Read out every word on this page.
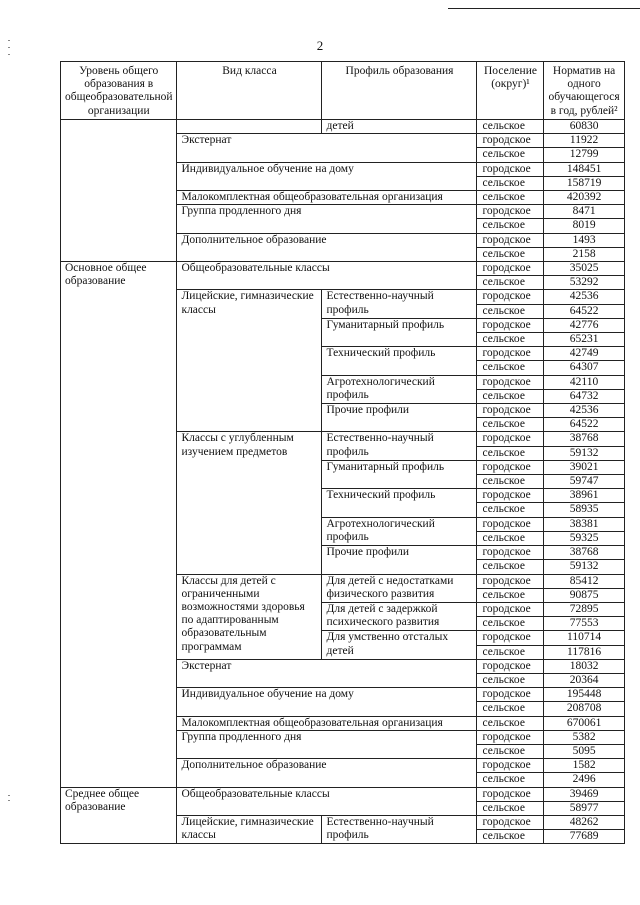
2
Уровень общего образования в общеобразовательной организации	Вид класса	Профиль образования	Поселение (округ)¹	Норматив на одного обучающегося в год, рублей²
		детей	сельское	60830
	Экстернат		городское	11922
			сельское	12799
	Индивидуальное обучение на дому		городское	148451
			сельское	158719
	Малокомплектная общеобразовательная организация		сельское	420392
	Группа продленного дня		городское	8471
			сельское	8019
	Дополнительное образование		городское	1493
			сельское	2158
Основное общее образование	Общеобразовательные классы		городское	35025
			сельское	53292
	Лицейские, гимназические классы	Естественно-научный профиль	городское	42536
			сельское	64522
		Гуманитарный профиль	городское	42776
			сельское	65231
		Технический профиль	городское	42749
			сельское	64307
		Агротехнологический профиль	городское	42110
			сельское	64732
		Прочие профили	городское	42536
			сельское	64522
	Классы с углубленным изучением предметов	Естественно-научный профиль	городское	38768
			сельское	59132
		Гуманитарный профиль	городское	39021
			сельское	59747
		Технический профиль	городское	38961
			сельское	58935
		Агротехнологический профиль	городское	38381
			сельское	59325
		Прочие профили	городское	38768
			сельское	59132
	Классы для детей с ограниченными возможностями здоровья по адаптированным образовательным программам	Для детей с недостатками физического развития	городское	85412
			сельское	90875
		Для детей с задержкой психического развития	городское	72895
			сельское	77553
		Для умственно отсталых детей	городское	110714
			сельское	117816
	Экстернат		городское	18032
			сельское	20364
	Индивидуальное обучение на дому		городское	195448
			сельское	208708
	Малокомплектная общеобразовательная организация		сельское	670061
	Группа продленного дня		городское	5382
			сельское	5095
	Дополнительное образование		городское	1582
			сельское	2496
Среднее общее образование	Общеобразовательные классы		городское	39469
			сельское	58977
	Лицейские, гимназические классы	Естественно-научный профиль	городское	48262
			сельское	77689
